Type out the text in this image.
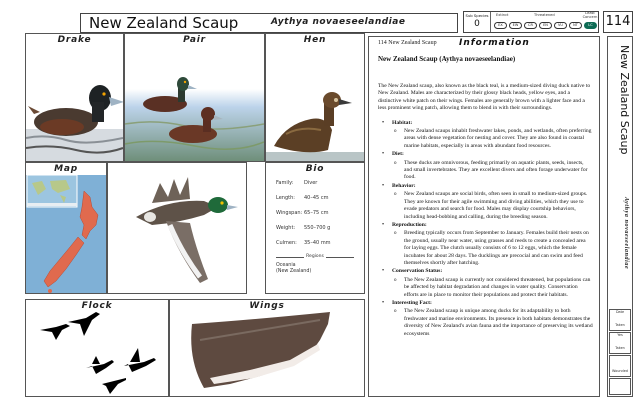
New Zealand Scaup	Aythya novaeseelandiae
Sub Species
0
Extinct	Threatened	Least Concern
EX	EW	CR	EN	VU	NT	LC 114
Drake	Pair	Hen
Map	Bio
Family: Diver
Length: 40–45 cm
Wingspan: 65–75 cm
Weight: 550–700 g
Culmen: 35–40 mm
Regions
Oceania
(New Zealand)
Flock	Wings
114 New Zealand Scaup Information
New Zealand Scaup (Aythya novaeseelandiae)

The New Zealand scaup, also known as the black teal, is a medium-sized diving duck native to New Zealand. Males are characterized by their glossy black heads, yellow eyes, and a distinctive white patch on their wings. Females are generally brown with a lighter face and a less prominent wing patch, allowing them to blend in with their surroundings.

• Habitat:
o New Zealand scaups inhabit freshwater lakes, ponds, and wetlands, often preferring areas with dense vegetation for nesting and cover. They are also found in coastal marine habitats, especially in areas with abundant food resources.
• Diet:
o These ducks are omnivorous, feeding primarily on aquatic plants, seeds, insects, and small invertebrates. They are excellent divers and often forage underwater for food.
• Behavior:
o New Zealand scaups are social birds, often seen in small to medium-sized groups. They are known for their agile swimming and diving abilities, which they use to evade predators and search for food. Males may display courtship behaviors, including head-bobbing and calling, during the breeding season.
• Reproduction:
o Breeding typically occurs from September to January. Females build their nests on the ground, usually near water, using grasses and reeds to create a concealed area for laying eggs. The clutch usually consists of 6 to 12 eggs, which the female incubates for about 28 days. The ducklings are precocial and can swim and feed themselves shortly after hatching.
• Conservation Status:
o The New Zealand scaup is currently not considered threatened, but populations can be affected by habitat degradation and changes in water quality. Conservation efforts are in place to monitor their populations and protect their habitats.
• Interesting Fact:
o The New Zealand scaup is unique among ducks for its adaptability to both freshwater and marine environments. Its presence in both habitats demonstrates the diversity of New Zealand's avian fauna and the importance of preserving its wetland ecosystems
New Zealand Scaup
Aythya novaeseelandiae
Date
Taken
Yes
Taken
Wounded
